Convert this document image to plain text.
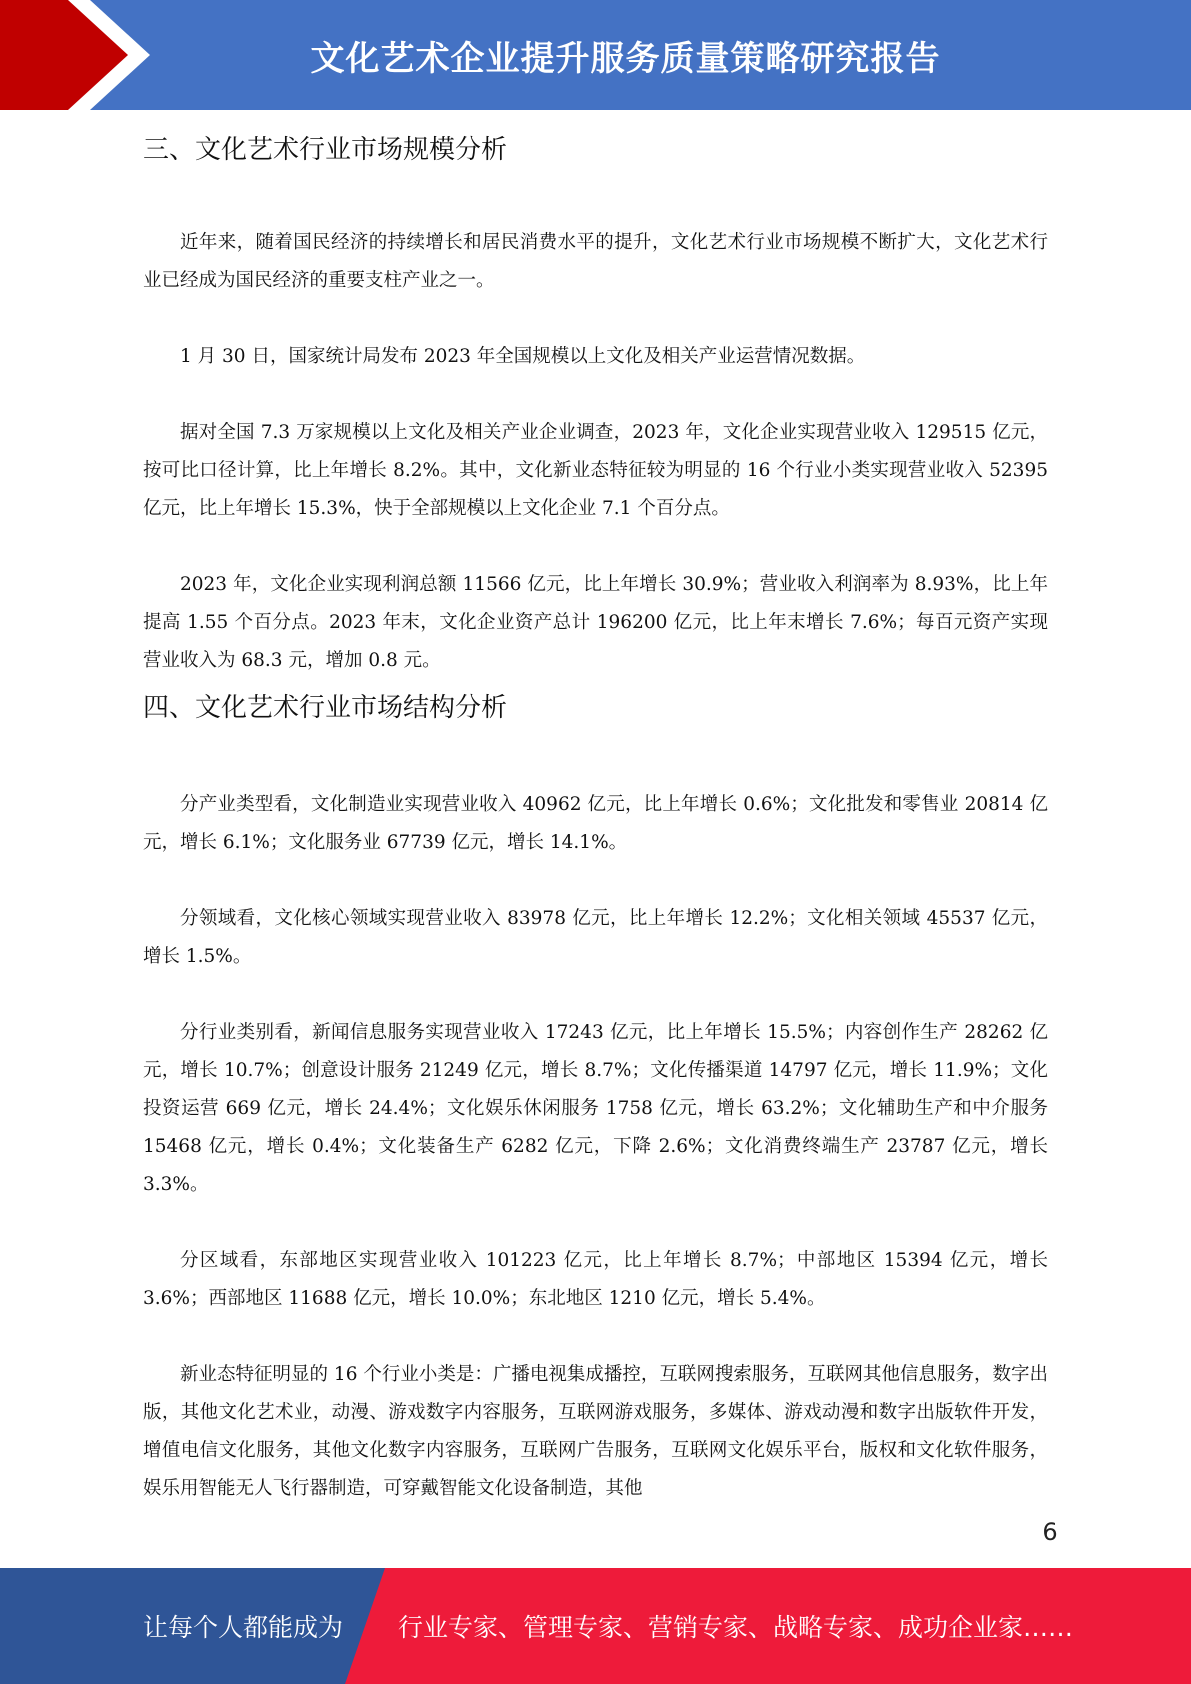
文化艺术企业提升服务质量策略研究报告
三、文化艺术行业市场规模分析

近年来，随着国民经济的持续增长和居民消费水平的提升，文化艺术行业市场规模不断扩大，文化艺术行业已经成为国民经济的重要支柱产业之一。

1 月 30 日，国家统计局发布 2023 年全国规模以上文化及相关产业运营情况数据。

据对全国 7.3 万家规模以上文化及相关产业企业调查，2023 年，文化企业实现营业收入 129515 亿元，按可比口径计算，比上年增长 8.2%。其中，文化新业态特征较为明显的 16 个行业小类实现营业收入 52395 亿元，比上年增长 15.3%，快于全部规模以上文化企业 7.1 个百分点。

2023 年，文化企业实现利润总额 11566 亿元，比上年增长 30.9%；营业收入利润率为 8.93%，比上年提高 1.55 个百分点。2023 年末，文化企业资产总计 196200 亿元，比上年末增长 7.6%；每百元资产实现营业收入为 68.3 元，增加 0.8 元。

四、文化艺术行业市场结构分析

分产业类型看，文化制造业实现营业收入 40962 亿元，比上年增长 0.6%；文化批发和零售业 20814 亿元，增长 6.1%；文化服务业 67739 亿元，增长 14.1%。

分领域看，文化核心领域实现营业收入 83978 亿元，比上年增长 12.2%；文化相关领域 45537 亿元，增长 1.5%。

分行业类别看，新闻信息服务实现营业收入 17243 亿元，比上年增长 15.5%；内容创作生产 28262 亿元，增长 10.7%；创意设计服务 21249 亿元，增长 8.7%；文化传播渠道 14797 亿元，增长 11.9%；文化投资运营 669 亿元，增长 24.4%；文化娱乐休闲服务 1758 亿元，增长 63.2%；文化辅助生产和中介服务 15468 亿元，增长 0.4%；文化装备生产 6282 亿元，下降 2.6%；文化消费终端生产 23787 亿元，增长 3.3%。

分区域看，东部地区实现营业收入 101223 亿元，比上年增长 8.7%；中部地区 15394 亿元，增长 3.6%；西部地区 11688 亿元，增长 10.0%；东北地区 1210 亿元，增长 5.4%。

新业态特征明显的 16 个行业小类是：广播电视集成播控，互联网搜索服务，互联网其他信息服务，数字出版，其他文化艺术业，动漫、游戏数字内容服务，互联网游戏服务，多媒体、游戏动漫和数字出版软件开发，增值电信文化服务，其他文化数字内容服务，互联网广告服务，互联网文化娱乐平台，版权和文化软件服务，娱乐用智能无人飞行器制造，可穿戴智能文化设备制造，其他

6
让每个人都能成为 行业专家、管理专家、营销专家、战略专家、成功企业家……
